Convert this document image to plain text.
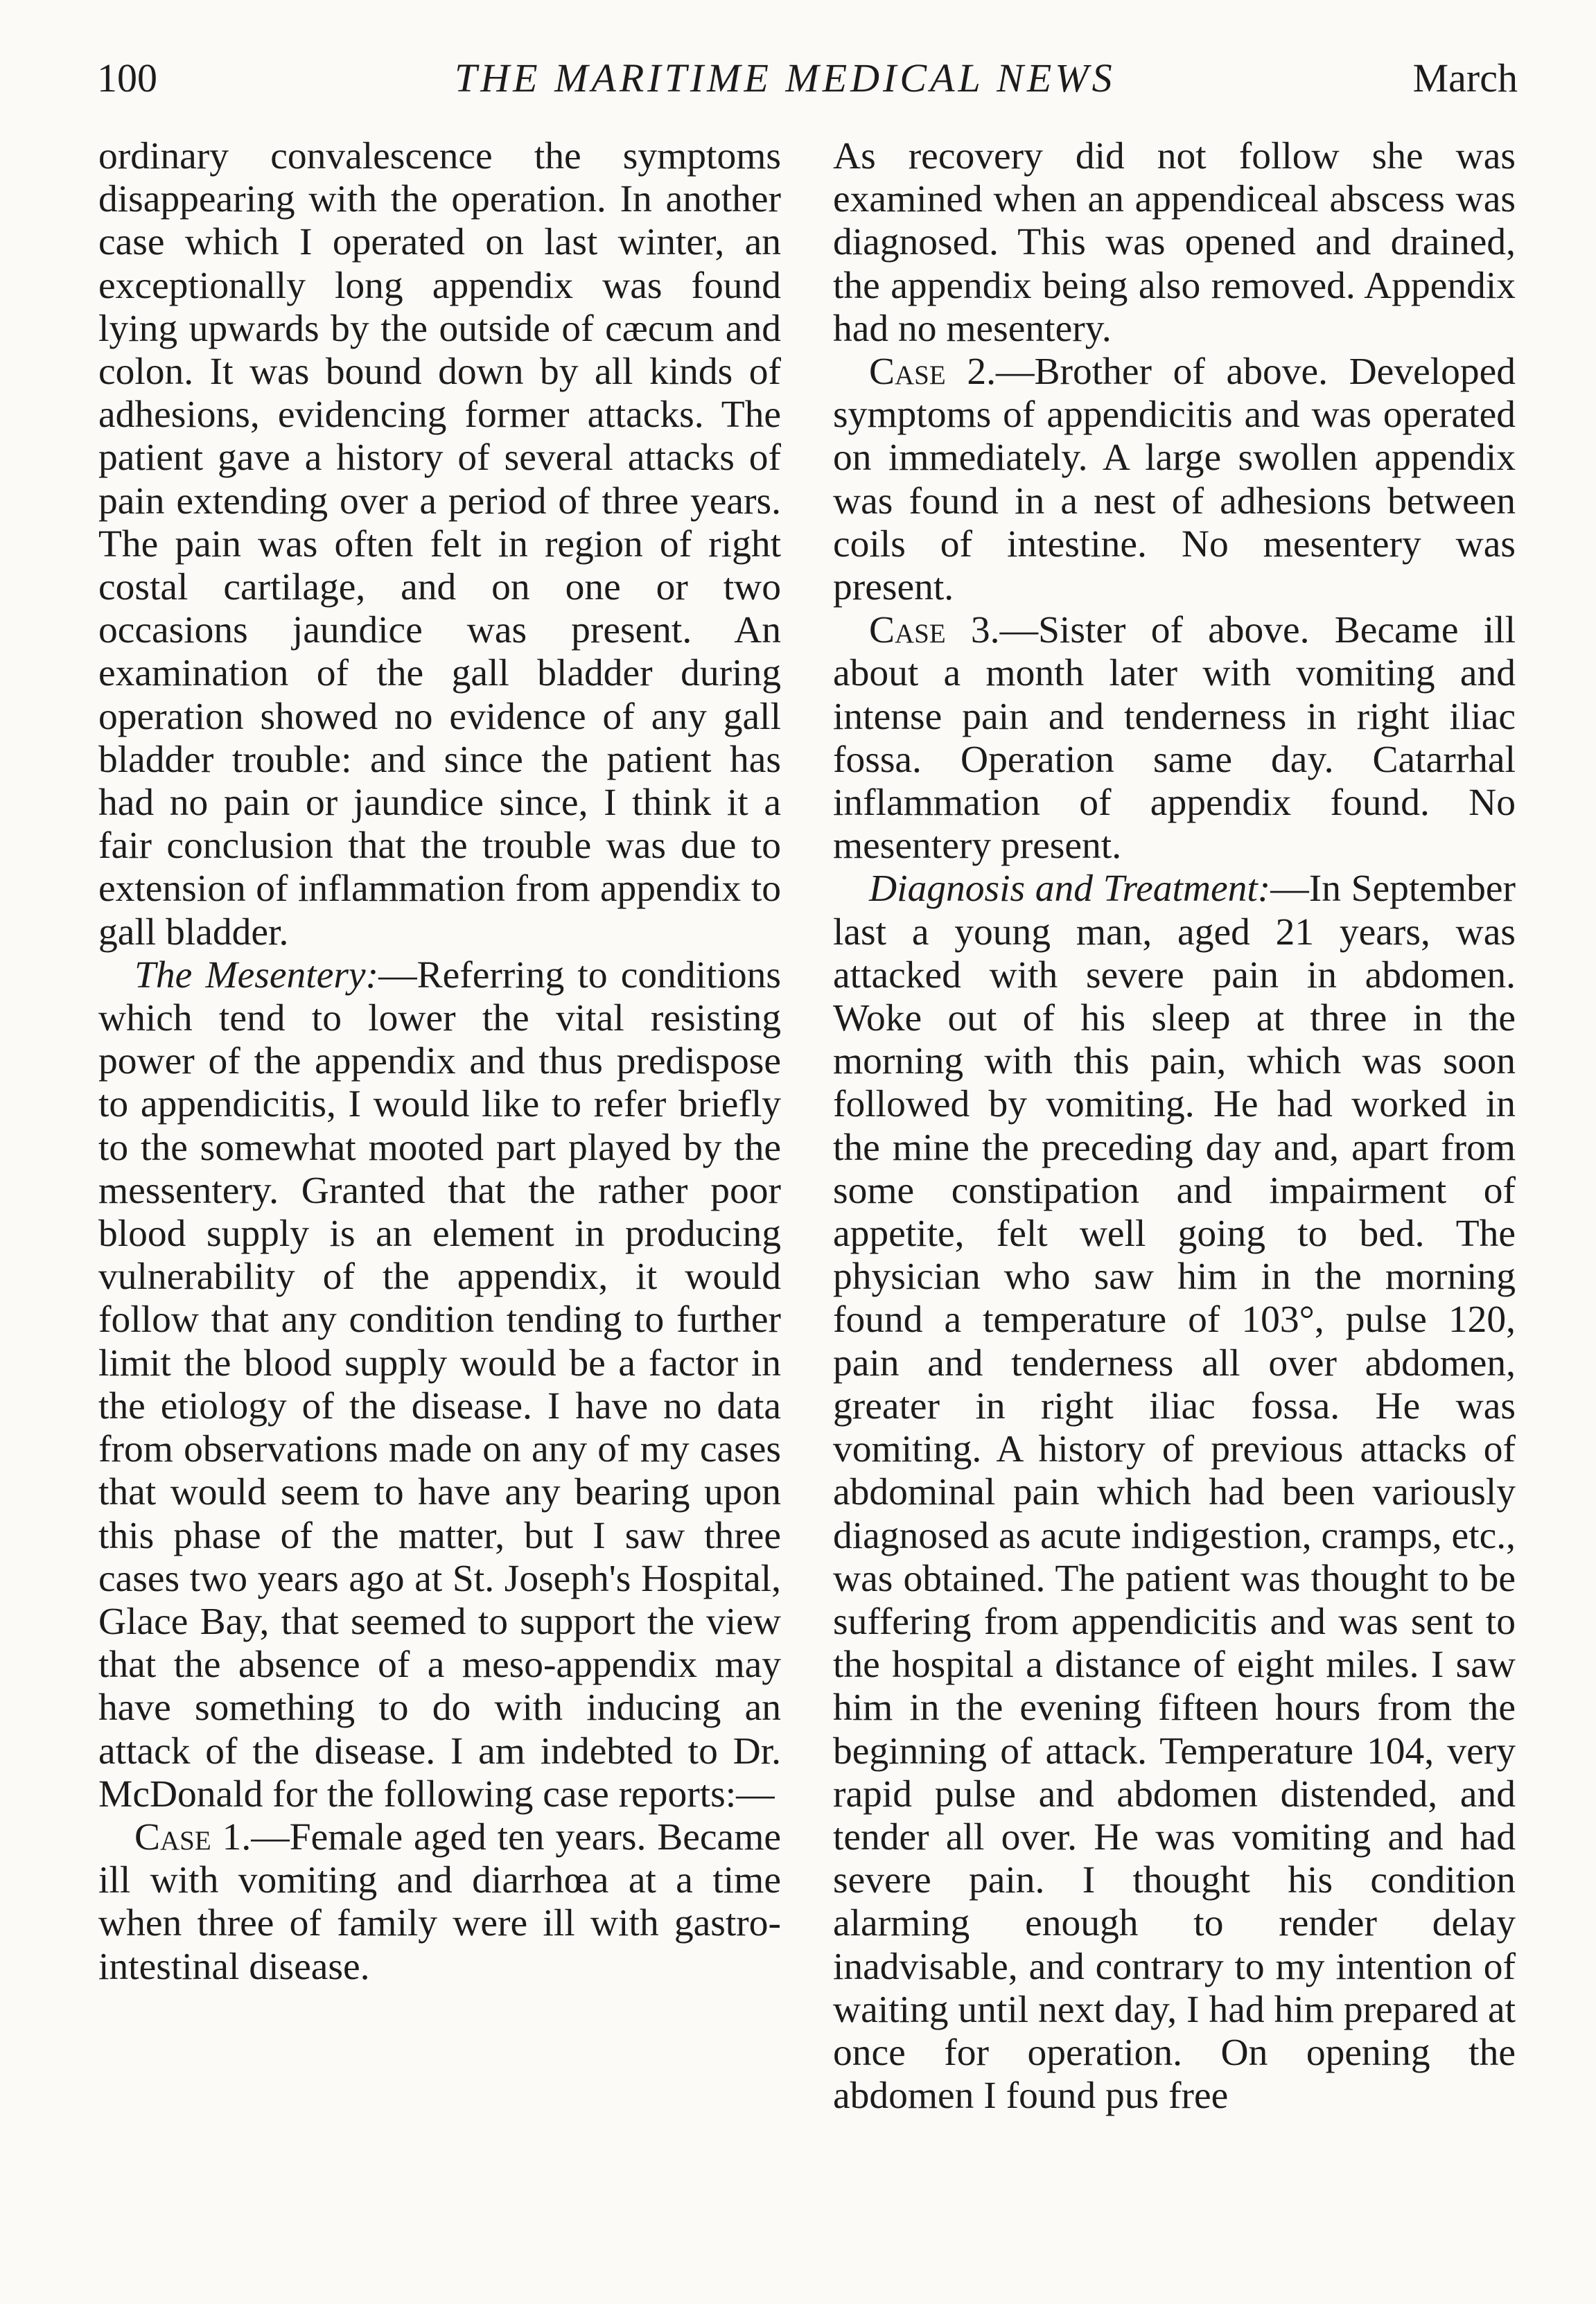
100	THE MARITIME MEDICAL NEWS	March

ordinary convalescence the symptoms disappearing with the operation. In another case which I operated on last winter, an exceptionally long appendix was found lying upwards by the outside of cæcum and colon. It was bound down by all kinds of adhesions, evidencing former attacks. The patient gave a history of several attacks of pain extending over a period of three years. The pain was often felt in region of right costal cartilage, and on one or two occasions jaundice was present. An examination of the gall bladder during operation showed no evidence of any gall bladder trouble: and since the patient has had no pain or jaundice since, I think it a fair conclusion that the trouble was due to extension of inflammation from appendix to gall bladder.

The Mesentery:—Referring to conditions which tend to lower the vital resisting power of the appendix and thus predispose to appendicitis, I would like to refer briefly to the somewhat mooted part played by the messentery. Granted that the rather poor blood supply is an element in producing vulnerability of the appendix, it would follow that any condition tending to further limit the blood supply would be a factor in the etiology of the disease. I have no data from observations made on any of my cases that would seem to have any bearing upon this phase of the matter, but I saw three cases two years ago at St. Joseph's Hospital, Glace Bay, that seemed to support the view that the absence of a meso-appendix may have something to do with inducing an attack of the disease. I am indebted to Dr. McDonald for the following case reports:—

Case 1.—Female aged ten years. Became ill with vomiting and diarrhœa at a time when three of family were ill with gastro-intestinal disease.

As recovery did not follow she was examined when an appendiceal abscess was diagnosed. This was opened and drained, the appendix being also removed. Appendix had no mesentery.

Case 2.—Brother of above. Developed symptoms of appendicitis and was operated on immediately. A large swollen appendix was found in a nest of adhesions between coils of intestine. No mesentery was present.

Case 3.—Sister of above. Became ill about a month later with vomiting and intense pain and tenderness in right iliac fossa. Operation same day. Catarrhal inflammation of appendix found. No mesentery present.

Diagnosis and Treatment:—In September last a young man, aged 21 years, was attacked with severe pain in abdomen. Woke out of his sleep at three in the morning with this pain, which was soon followed by vomiting. He had worked in the mine the preceding day and, apart from some constipation and impairment of appetite, felt well going to bed. The physician who saw him in the morning found a temperature of 103°, pulse 120, pain and tenderness all over abdomen, greater in right iliac fossa. He was vomiting. A history of previous attacks of abdominal pain which had been variously diagnosed as acute indigestion, cramps, etc., was obtained. The patient was thought to be suffering from appendicitis and was sent to the hospital a distance of eight miles. I saw him in the evening fifteen hours from the beginning of attack. Temperature 104, very rapid pulse and abdomen distended, and tender all over. He was vomiting and had severe pain. I thought his condition alarming enough to render delay inadvisable, and contrary to my intention of waiting until next day, I had him prepared at once for operation. On opening the abdomen I found pus free
